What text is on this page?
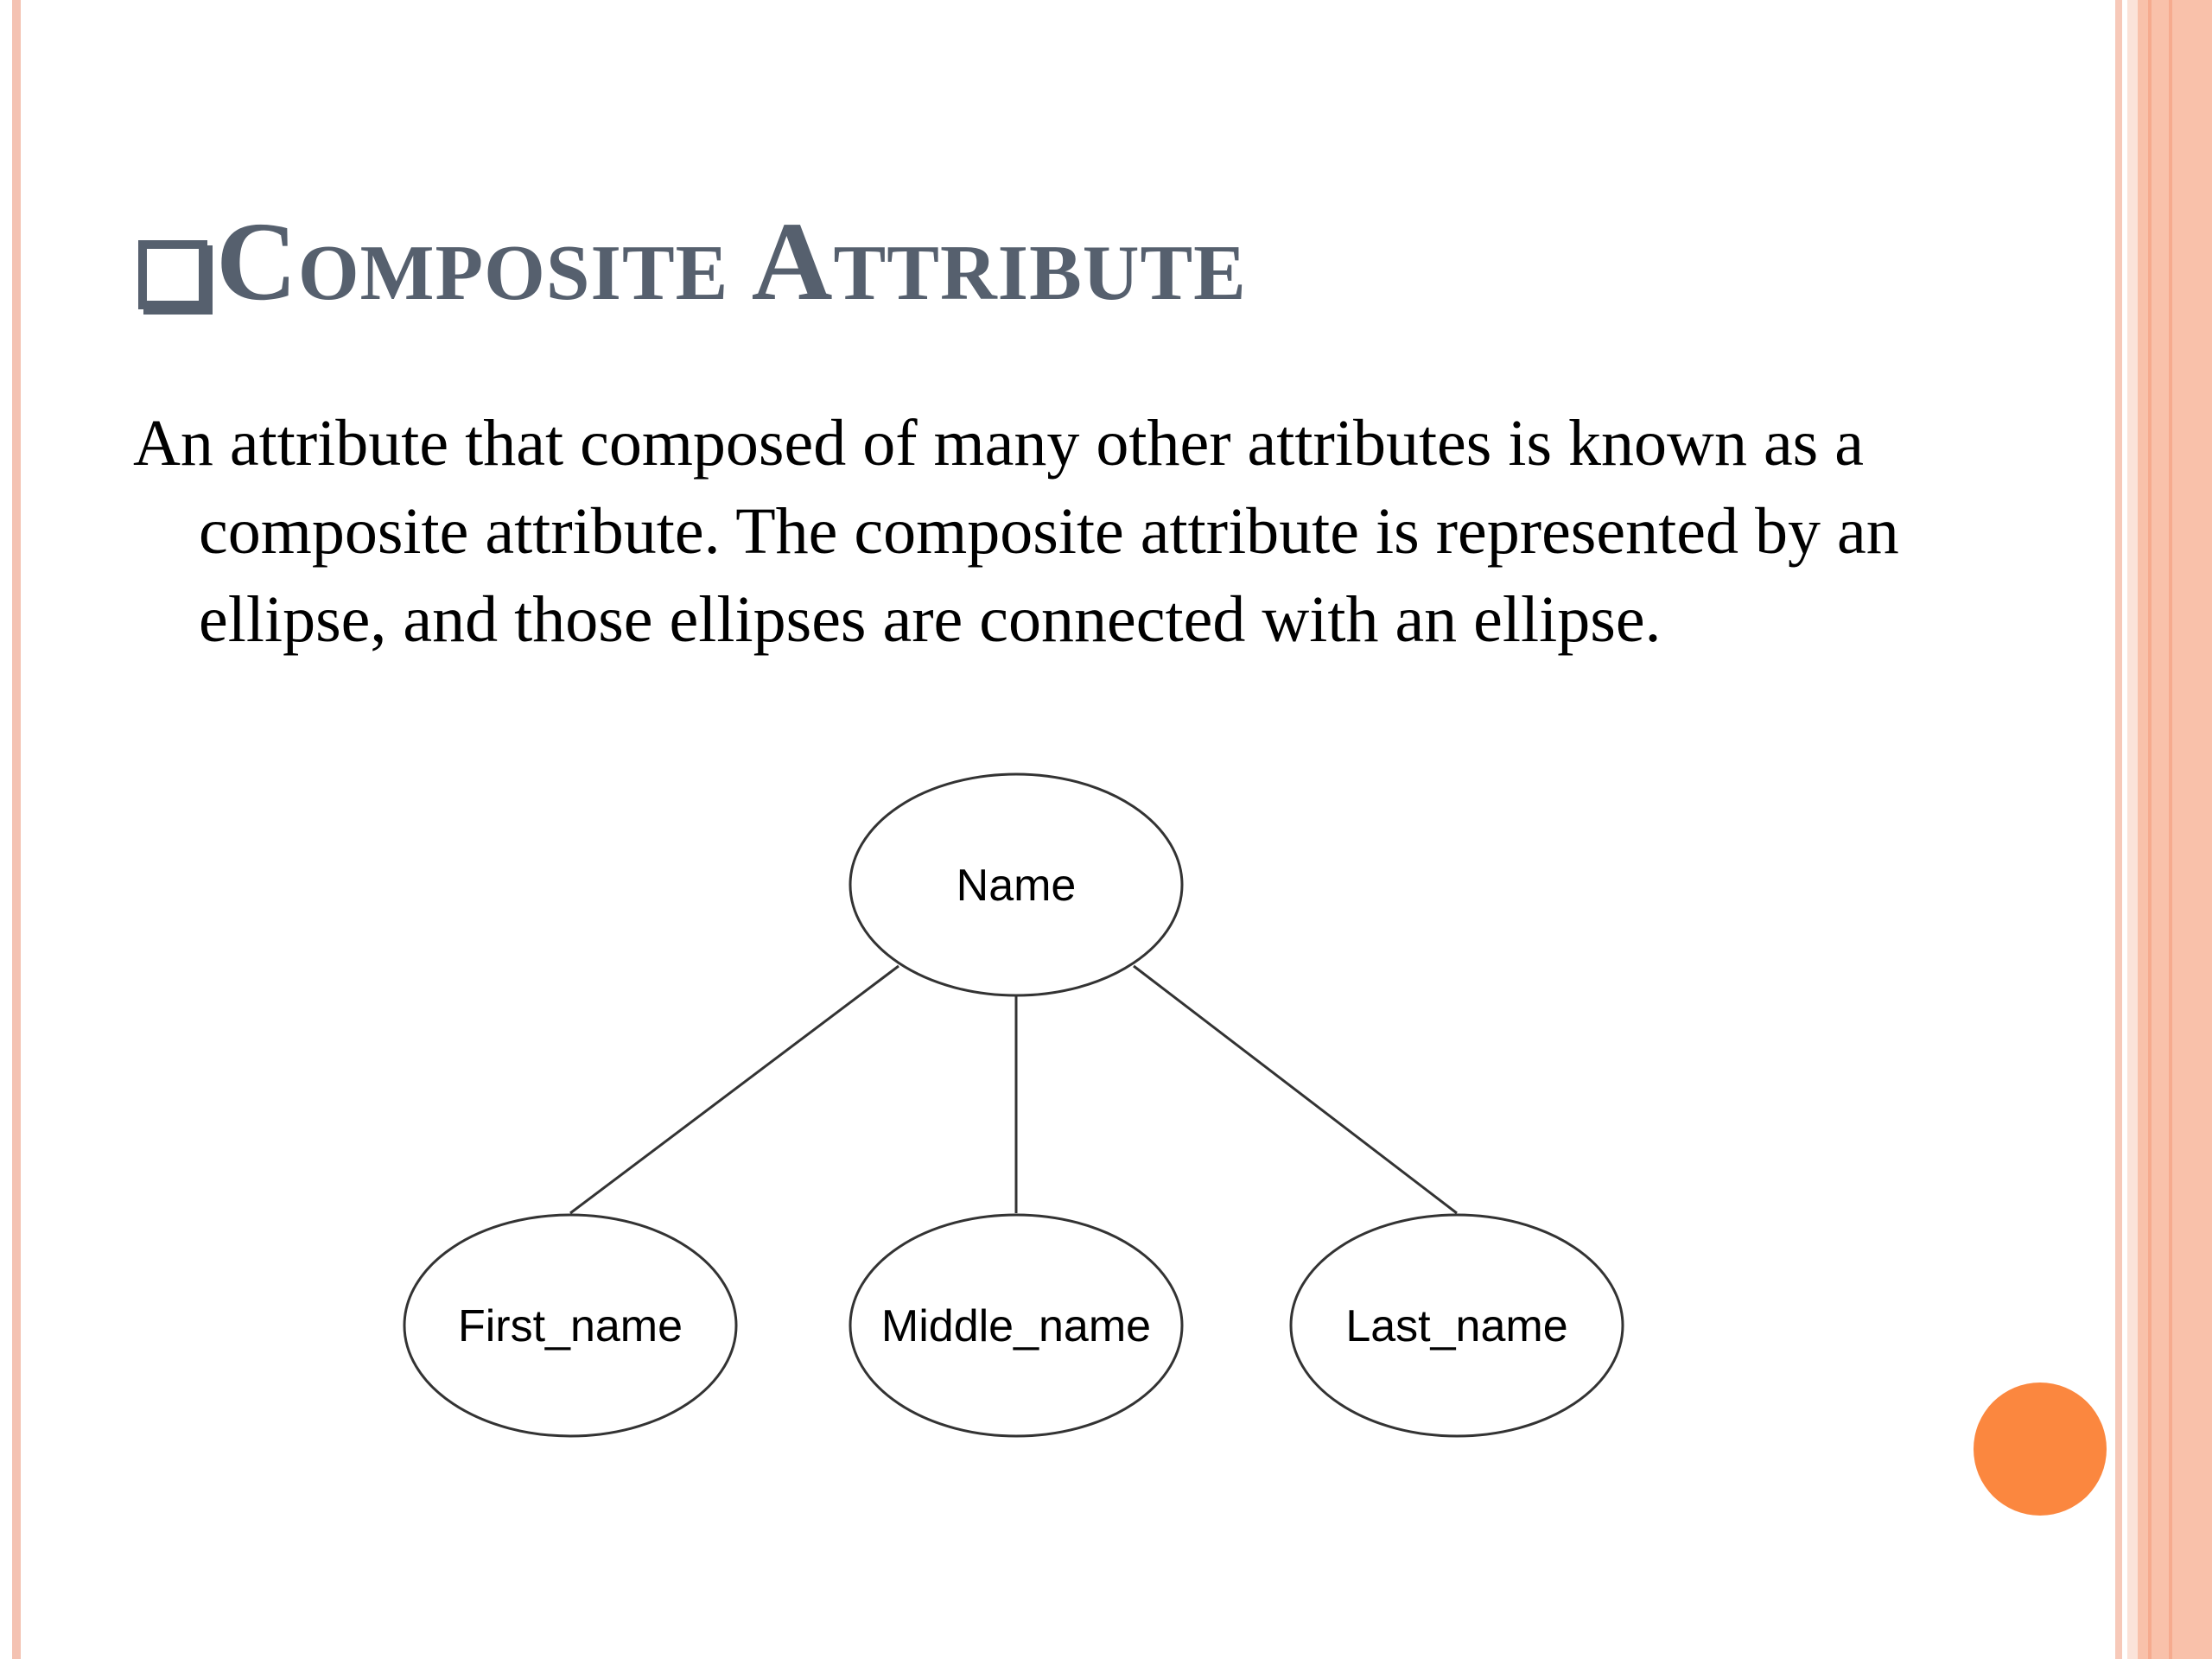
Composite Attribute
An attribute that composed of many other attributes is known as a composite attribute. The composite attribute is represented by an ellipse, and those ellipses are connected with an ellipse.
Name
First_name	Middle_name	Last_name
